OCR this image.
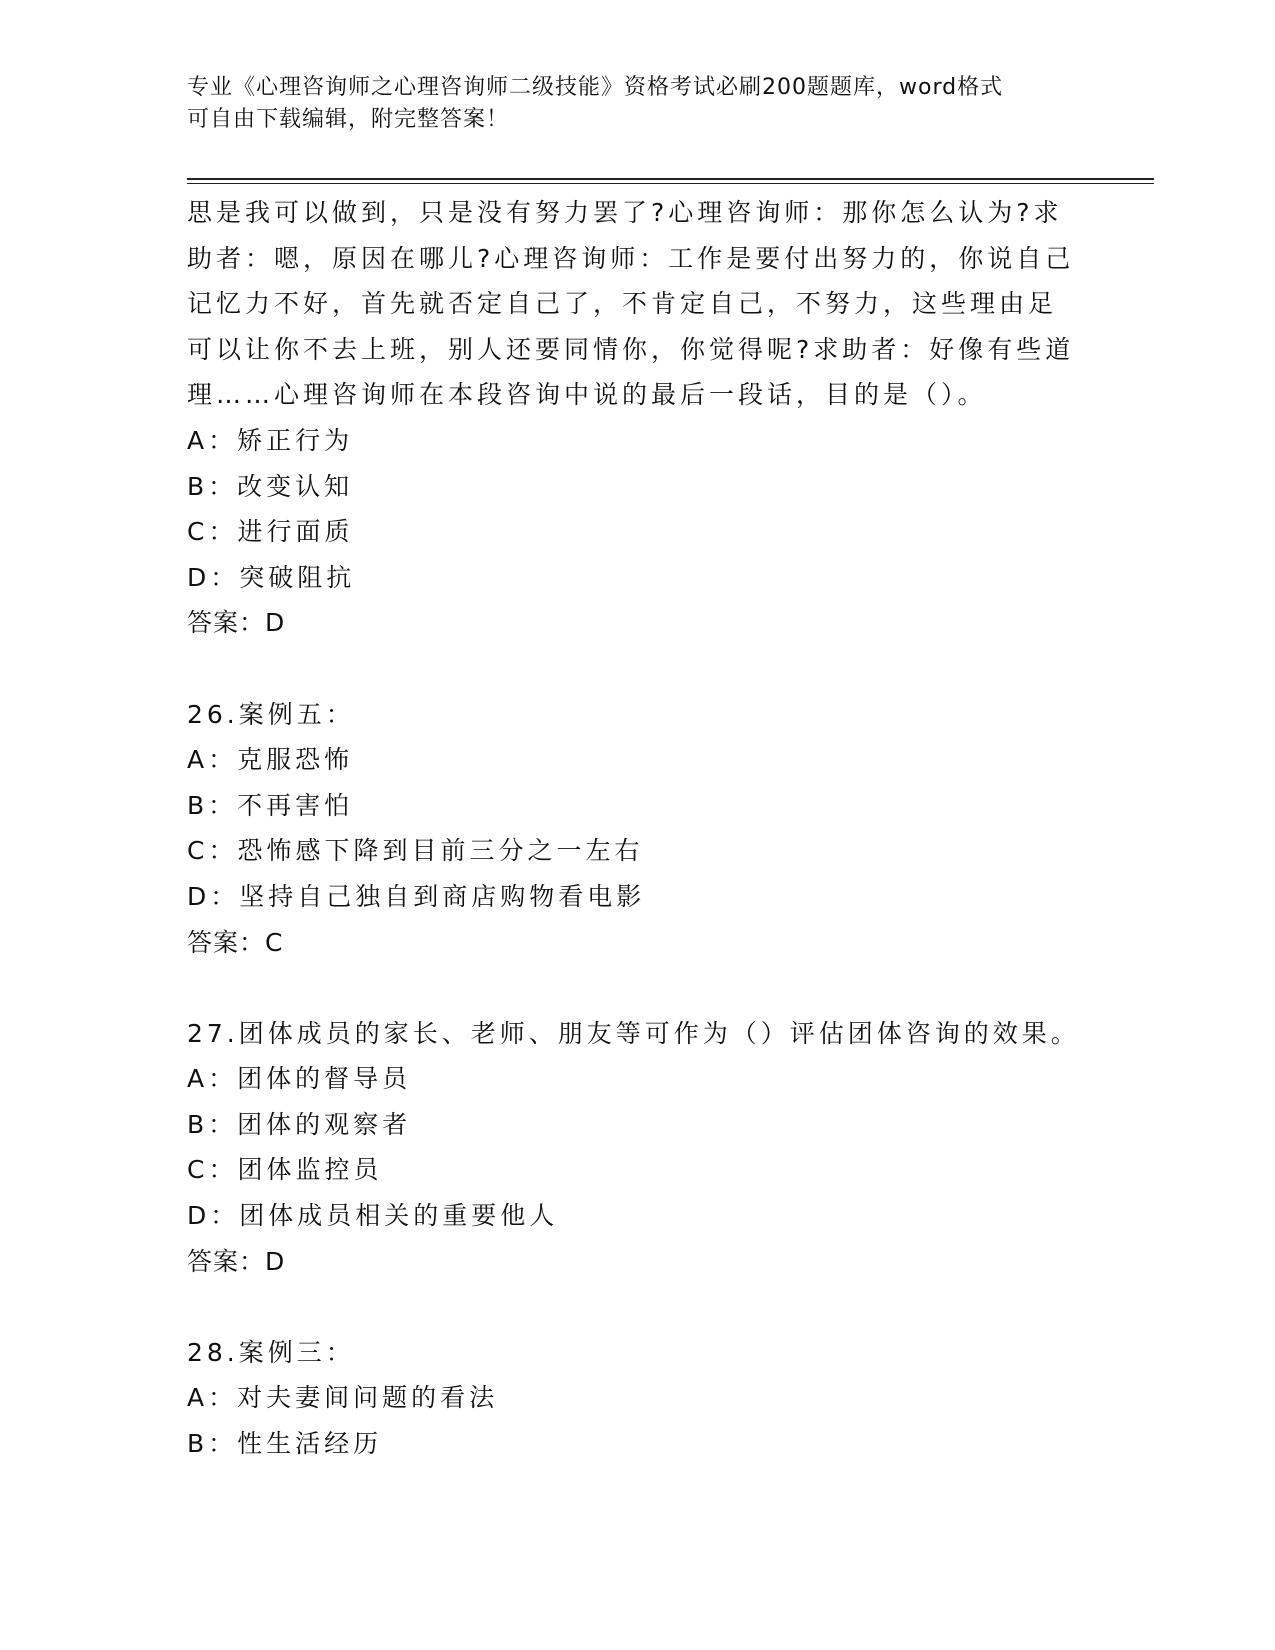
专业《心理咨询师之心理咨询师二级技能》资格考试必刷200题题库，word格式
可自由下载编辑，附完整答案！
思是我可以做到，只是没有努力罢了?心理咨询师：那你怎么认为?求
助者：嗯，原因在哪儿?心理咨询师：工作是要付出努力的，你说自己
记忆力不好，首先就否定自己了，不肯定自己，不努力，这些理由足
可以让你不去上班，别人还要同情你，你觉得呢?求助者：好像有些道
理……心理咨询师在本段咨询中说的最后一段话，目的是（）。
A：矫正行为
B：改变认知
C：进行面质
D：突破阻抗
答案：D
26.案例五：
A：克服恐怖
B：不再害怕
C：恐怖感下降到目前三分之一左右
D：坚持自己独自到商店购物看电影
答案：C
27.团体成员的家长、老师、朋友等可作为（）评估团体咨询的效果。
A：团体的督导员
B：团体的观察者
C：团体监控员
D：团体成员相关的重要他人
答案：D
28.案例三：
A：对夫妻间问题的看法
B：性生活经历
